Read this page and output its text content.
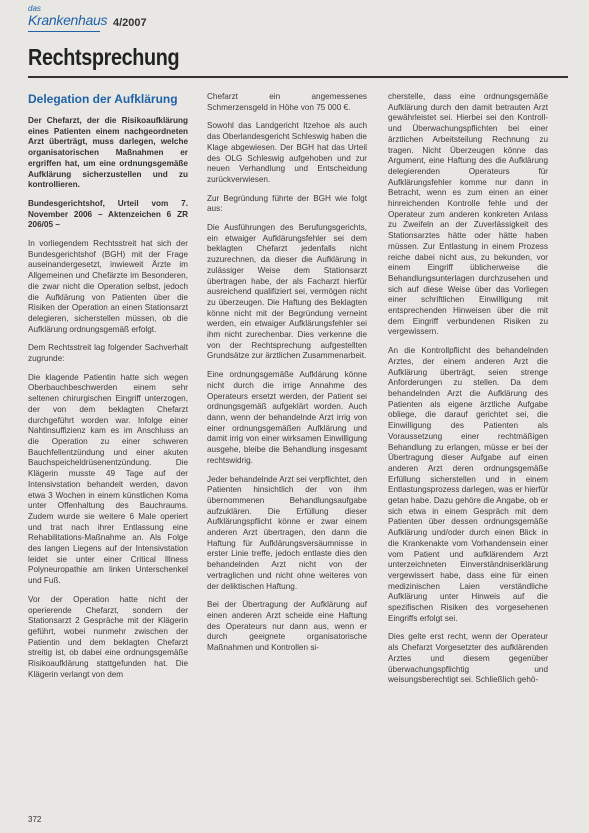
das
Krankenhaus 4/2007
Rechtsprechung
Delegation der Aufklärung

Der Chefarzt, der die Risikoaufklärung eines Patienten einem nachgeordneten Arzt überträgt, muss darlegen, welche organisatorischen Maßnahmen er ergriffen hat, um eine ordnungsgemäße Aufklärung sicherzustellen und zu kontrollieren.

Bundesgerichtshof, Urteil vom 7. November 2006 – Aktenzeichen 6 ZR 206/05 –

In vorliegendem Rechtsstreit hat sich der Bundesgerichtshof (BGH) mit der Frage auseinandergesetzt, inwieweit Ärzte im Allgemeinen und Chefärzte im Besonderen, die zwar nicht die Operation selbst, jedoch die Aufklärung von Patienten über die Risiken der Operation an einen Stationsarzt delegieren, sicherstellen müssen, ob die Aufklärung ordnungsgemäß erfolgt.

Dem Rechtsstreit lag folgender Sachverhalt zugrunde:

Die klagende Patientin hatte sich wegen Oberbauchbeschwerden einem sehr seltenen chirurgischen Eingriff unterzogen, der von dem beklagten Chefarzt durchgeführt worden war. Infolge einer Nahtinsuffizienz kam es im Anschluss an die Operation zu einer schweren Bauchfellentzündung und einer akuten Bauchspeicheldrüsenentzündung. Die Klägerin musste 49 Tage auf der Intensivstation behandelt werden, davon etwa 3 Wochen in einem künstlichen Koma unter Offenhaltung des Bauchraums. Zudem wurde sie weitere 6 Male operiert und trat nach ihrer Entlassung eine Rehabilitations-Maßnahme an. Als Folge des langen Liegens auf der Intensivstation leidet sie unter einer Critical Illness Polyneuropathie am linken Unterschenkel und Fuß.

Vor der Operation hatte nicht der operierende Chefarzt, sondern der Stationsarzt 2 Gespräche mit der Klägerin geführt, wobei nunmehr zwischen der Patientin und dem beklagten Chefarzt streitig ist, ob dabei eine ordnungsgemäße Risikoaufklärung stattgefunden hat. Die Klägerin verlangt von dem

Chefarzt ein angemessenes Schmerzensgeld in Höhe von 75 000 €.

Sowohl das Landgericht Itzehoe als auch das Oberlandesgericht Schleswig haben die Klage abgewiesen. Der BGH hat das Urteil des OLG Schleswig aufgehoben und zur neuen Verhandlung und Entscheidung zurückverwiesen.

Zur Begründung führte der BGH wie folgt aus:

Die Ausführungen des Berufungsgerichts, ein etwaiger Aufklärungsfehler sei dem beklagten Chefarzt jedenfalls nicht zuzurechnen, da dieser die Aufklärung in zulässiger Weise dem Stationsarzt übertragen habe, der als Facharzt hierfür ausreichend qualifiziert sei, vermögen nicht zu überzeugen. Die Haftung des Beklagten könne nicht mit der Begründung verneint werden, ein etwaiger Aufklärungsfehler sei ihm nicht zurechenbar. Dies verkenne die von der Rechtsprechung aufgestellten Grundsätze zur ärztlichen Zusammenarbeit.

Eine ordnungsgemäße Aufklärung könne nicht durch die irrige Annahme des Operateurs ersetzt werden, der Patient sei ordnungsgemäß aufgeklärt worden. Auch dann, wenn der behandelnde Arzt irrig von einer ordnungsgemäßen Aufklärung und damit irrig von einer wirksamen Einwilligung ausgehe, bleibe die Behandlung insgesamt rechtswidrig.

Jeder behandelnde Arzt sei verpflichtet, den Patienten hinsichtlich der von ihm übernommenen Behandlungsaufgabe aufzuklären. Die Erfüllung dieser Aufklärungspflicht könne er zwar einem anderen Arzt übertragen, den dann die Haftung für Aufklärungsversäumnisse in erster Linie treffe, jedoch entlaste dies den behandelnden Arzt nicht von der vertraglichen und nicht ohne weiteres von der deliktischen Haftung.

Bei der Übertragung der Aufklärung auf einen anderen Arzt scheide eine Haftung des Operateurs nur dann aus, wenn er durch geeignete organisatorische Maßnahmen und Kontrollen si-

cherstelle, dass eine ordnungsgemäße Aufklärung durch den damit betrauten Arzt gewährleistet sei. Hierbei sei den Kontroll- und Überwachungspflichten bei einer ärztlichen Arbeitsteilung Rechnung zu tragen. Nicht Überzeugen könne das Argument, eine Haftung des die Aufklärung delegierenden Operateurs für Aufklärungsfehler komme nur dann in Betracht, wenn es zum einen an einer hinreichenden Kontrolle fehle und der Operateur zum anderen konkreten Anlass zu Zweifeln an der Zuverlässigkeit des Stationsarztes hätte oder hätte haben müssen. Zur Entlastung in einem Prozess reiche dabei nicht aus, zu bekunden, vor einem Eingriff üblicherweise die Behandlungsunterlagen durchzusehen und sich auf diese Weise über das Vorliegen einer schriftlichen Einwilligung mit entsprechenden Hinweisen über die mit dem Eingriff verbundenen Risiken zu vergewissern.

An die Kontrollpflicht des behandelnden Arztes, der einem anderen Arzt die Aufklärung überträgt, seien strenge Anforderungen zu stellen. Da dem behandelnden Arzt die Aufklärung des Patienten als eigene ärztliche Aufgabe obliege, die darauf gerichtet sei, die Einwilligung des Patienten als Voraussetzung einer rechtmäßigen Behandlung zu erlangen, müsse er bei der Übertragung dieser Aufgabe auf einen anderen Arzt deren ordnungsgemäße Erfüllung sicherstellen und in einem Entlastungsprozess darlegen, was er hierfür getan habe. Dazu gehöre die Angabe, ob er sich etwa in einem Gespräch mit dem Patienten über dessen ordnungsgemäße Aufklärung und/oder durch einen Blick in die Krankenakte vom Vorhandensein einer vom Patient und aufklärendem Arzt unterzeichneten Einverständniserklärung vergewissert habe, dass eine für einen medizinischen Laien verständliche Aufklärung unter Hinweis auf die spezifischen Risiken des vorgesehenen Eingriffs erfolgt sei.

Dies gelte erst recht, wenn der Operateur als Chefarzt Vorgesetzter des aufklärenden Arztes und diesem gegenüber überwachungspflichtig und weisungsberechtigt sei. Schließlich gehö-

372
